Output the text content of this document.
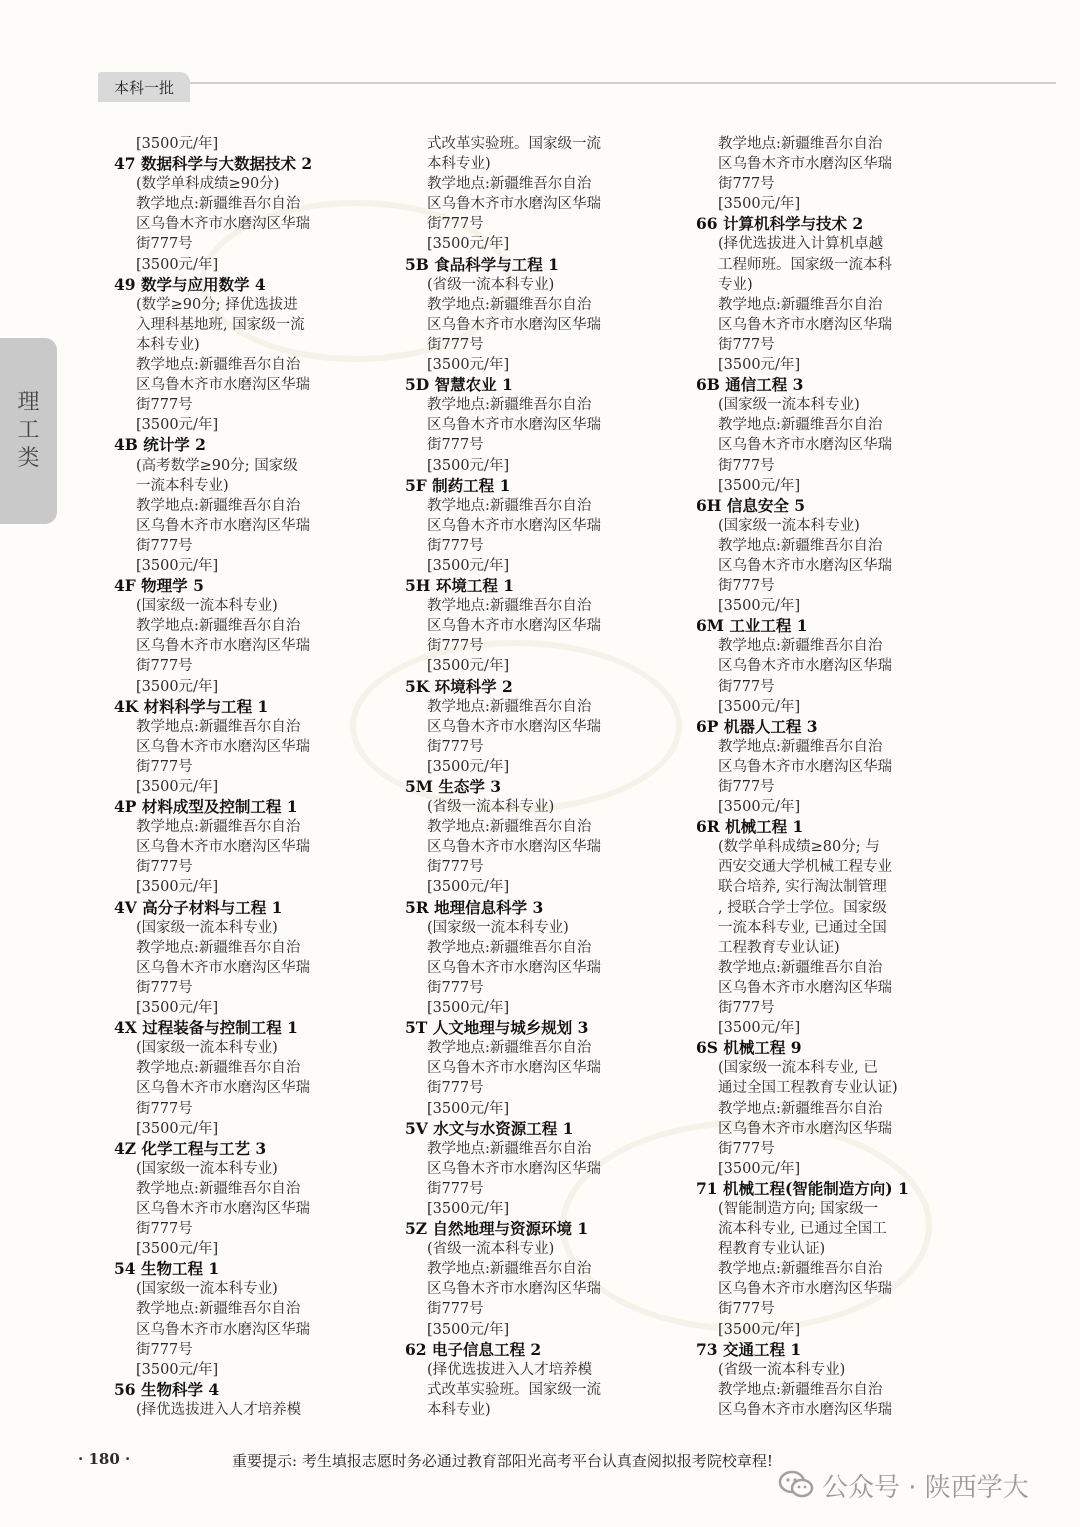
本科一批
理
工
类
[3500元/年]
47 数据科学与大数据技术 2
(数学单科成绩≥90分)
教学地点:新疆维吾尔自治
区乌鲁木齐市水磨沟区华瑞
街777号
[3500元/年]
49 数学与应用数学 4
(数学≥90分; 择优选拔进
入理科基地班, 国家级一流
本科专业)
教学地点:新疆维吾尔自治
区乌鲁木齐市水磨沟区华瑞
街777号
[3500元/年]
4B 统计学 2
(高考数学≥90分; 国家级
一流本科专业)
教学地点:新疆维吾尔自治
区乌鲁木齐市水磨沟区华瑞
街777号
[3500元/年]
4F 物理学 5
(国家级一流本科专业)
教学地点:新疆维吾尔自治
区乌鲁木齐市水磨沟区华瑞
街777号
[3500元/年]
4K 材料科学与工程 1
教学地点:新疆维吾尔自治
区乌鲁木齐市水磨沟区华瑞
街777号
[3500元/年]
4P 材料成型及控制工程 1
教学地点:新疆维吾尔自治
区乌鲁木齐市水磨沟区华瑞
街777号
[3500元/年]
4V 高分子材料与工程 1
(国家级一流本科专业)
教学地点:新疆维吾尔自治
区乌鲁木齐市水磨沟区华瑞
街777号
[3500元/年]
4X 过程装备与控制工程 1
(国家级一流本科专业)
教学地点:新疆维吾尔自治
区乌鲁木齐市水磨沟区华瑞
街777号
[3500元/年]
4Z 化学工程与工艺 3
(国家级一流本科专业)
教学地点:新疆维吾尔自治
区乌鲁木齐市水磨沟区华瑞
街777号
[3500元/年]
54 生物工程 1
(国家级一流本科专业)
教学地点:新疆维吾尔自治
区乌鲁木齐市水磨沟区华瑞
街777号
[3500元/年]
56 生物科学 4
(择优选拔进入人才培养模
式改革实验班。国家级一流
本科专业)
教学地点:新疆维吾尔自治
区乌鲁木齐市水磨沟区华瑞
街777号
[3500元/年]
5B 食品科学与工程 1
(省级一流本科专业)
教学地点:新疆维吾尔自治
区乌鲁木齐市水磨沟区华瑞
街777号
[3500元/年]
5D 智慧农业 1
教学地点:新疆维吾尔自治
区乌鲁木齐市水磨沟区华瑞
街777号
[3500元/年]
5F 制药工程 1
教学地点:新疆维吾尔自治
区乌鲁木齐市水磨沟区华瑞
街777号
[3500元/年]
5H 环境工程 1
教学地点:新疆维吾尔自治
区乌鲁木齐市水磨沟区华瑞
街777号
[3500元/年]
5K 环境科学 2
教学地点:新疆维吾尔自治
区乌鲁木齐市水磨沟区华瑞
街777号
[3500元/年]
5M 生态学 3
(省级一流本科专业)
教学地点:新疆维吾尔自治
区乌鲁木齐市水磨沟区华瑞
街777号
[3500元/年]
5R 地理信息科学 3
(国家级一流本科专业)
教学地点:新疆维吾尔自治
区乌鲁木齐市水磨沟区华瑞
街777号
[3500元/年]
5T 人文地理与城乡规划 3
教学地点:新疆维吾尔自治
区乌鲁木齐市水磨沟区华瑞
街777号
[3500元/年]
5V 水文与水资源工程 1
教学地点:新疆维吾尔自治
区乌鲁木齐市水磨沟区华瑞
街777号
[3500元/年]
5Z 自然地理与资源环境 1
(省级一流本科专业)
教学地点:新疆维吾尔自治
区乌鲁木齐市水磨沟区华瑞
街777号
[3500元/年]
62 电子信息工程 2
(择优选拔进入人才培养模
式改革实验班。国家级一流
本科专业)
教学地点:新疆维吾尔自治
区乌鲁木齐市水磨沟区华瑞
街777号
[3500元/年]
66 计算机科学与技术 2
(择优选拔进入计算机卓越
工程师班。国家级一流本科
专业)
教学地点:新疆维吾尔自治
区乌鲁木齐市水磨沟区华瑞
街777号
[3500元/年]
6B 通信工程 3
(国家级一流本科专业)
教学地点:新疆维吾尔自治
区乌鲁木齐市水磨沟区华瑞
街777号
[3500元/年]
6H 信息安全 5
(国家级一流本科专业)
教学地点:新疆维吾尔自治
区乌鲁木齐市水磨沟区华瑞
街777号
[3500元/年]
6M 工业工程 1
教学地点:新疆维吾尔自治
区乌鲁木齐市水磨沟区华瑞
街777号
[3500元/年]
6P 机器人工程 3
教学地点:新疆维吾尔自治
区乌鲁木齐市水磨沟区华瑞
街777号
[3500元/年]
6R 机械工程 1
(数学单科成绩≥80分; 与
西安交通大学机械工程专业
联合培养, 实行淘汰制管理
, 授联合学士学位。国家级
一流本科专业, 已通过全国
工程教育专业认证)
教学地点:新疆维吾尔自治
区乌鲁木齐市水磨沟区华瑞
街777号
[3500元/年]
6S 机械工程 9
(国家级一流本科专业, 已
通过全国工程教育专业认证)
教学地点:新疆维吾尔自治
区乌鲁木齐市水磨沟区华瑞
街777号
[3500元/年]
71 机械工程(智能制造方向) 1
(智能制造方向; 国家级一
流本科专业, 已通过全国工
程教育专业认证)
教学地点:新疆维吾尔自治
区乌鲁木齐市水磨沟区华瑞
街777号
[3500元/年]
73 交通工程 1
(省级一流本科专业)
教学地点:新疆维吾尔自治
区乌鲁木齐市水磨沟区华瑞
· 180 ·	重要提示: 考生填报志愿时务必通过教育部阳光高考平台认真查阅拟报考院校章程!
公众号 · 陕西学大
